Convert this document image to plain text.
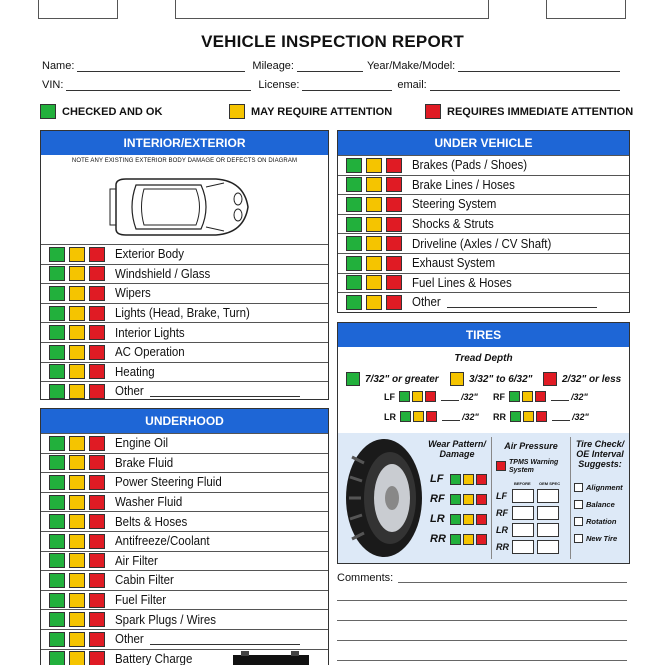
VEHICLE INSPECTION REPORT
Name:	Mileage:	Year/Make/Model:
VIN:	License:	email:
CHECKED AND OK	MAY REQUIRE ATTENTION	REQUIRES IMMEDIATE ATTENTION
INTERIOR/EXTERIOR
NOTE ANY EXISTING EXTERIOR BODY DAMAGE OR DEFECTS ON DIAGRAM
Exterior Body
Windshield / Glass
Wipers
Lights (Head, Brake, Turn)
Interior Lights
AC Operation
Heating
Other
UNDERHOOD
Engine Oil
Brake Fluid
Power Steering Fluid
Washer Fluid
Belts & Hoses
Antifreeze/Coolant
Air Filter
Cabin Filter
Fuel Filter
Spark Plugs / Wires
Other
Battery Charge
UNDER VEHICLE
Brakes (Pads / Shoes)
Brake Lines / Hoses
Steering System
Shocks & Struts
Driveline (Axles / CV Shaft)
Exhaust System
Fuel Lines & Hoses
Other
TIRES
Tread Depth
7/32" or greater	3/32" to 6/32"	2/32" or less
LF	/32" RF	/32"
LR	/32" RR	/32"
Wear Pattern/ Damage
LF
RF
LR
RR
Air Pressure
TPMS Warning System
BEFORE OEM SPEC
LF
RF
LR
RR
Tire Check/ OE Interval Suggests:
Alignment
Balance
Rotation
New Tire
Comments:
